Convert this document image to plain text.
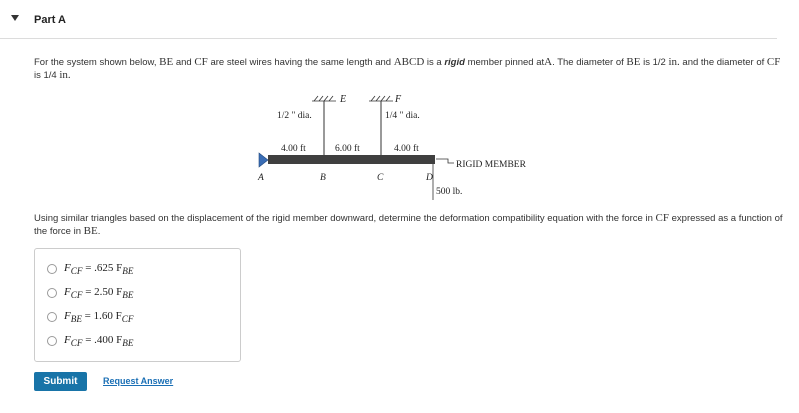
Part A
For the system shown below, BE and CF are steel wires having the same length and ABCD is a rigid member pinned atA. The diameter of BE is 1/2 in. and the diameter of CF is 1/4 in.
E	F
1/2 " dia.	1/4 " dia.
4.00 ft	6.00 ft	4.00 ft
A	B	C	D
RIGID MEMBER
500 lb.
Using similar triangles based on the displacement of the rigid member downward, determine the deformation compatibility equation with the force in CF expressed as a function of the force in BE.
$F_{CF} = .625$ $F_{BE}$
$F_{CF} = 2.50$ $F_{BE}$
$F_{BE} = 1.60$ $F_{CF}$
$F_{CF} = .400$ $F_{BE}$
Submit	Request Answer
